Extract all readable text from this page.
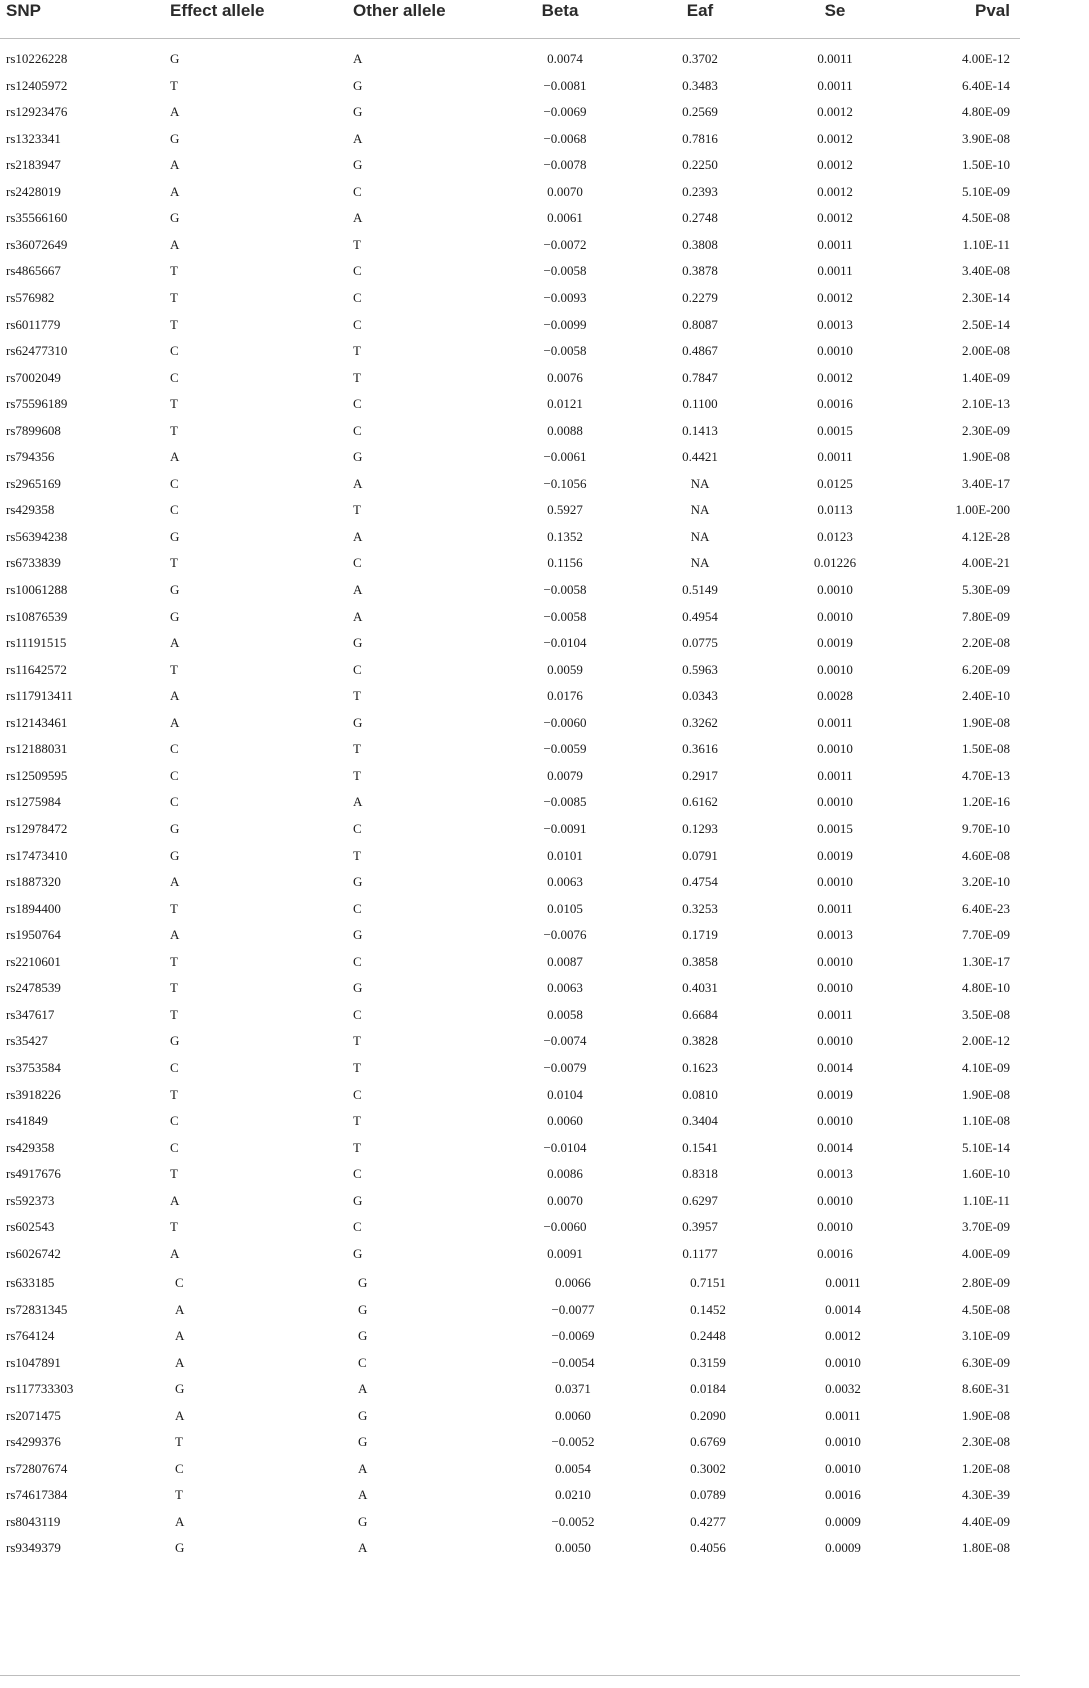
SNP	Effect allele	Other allele	Beta	Eaf	Se	Pval
rs10226228	G	A	0.0074	0.3702	0.0011	4.00E-12
rs12405972	T	G	−0.0081	0.3483	0.0011	6.40E-14
rs12923476	A	G	−0.0069	0.2569	0.0012	4.80E-09
rs1323341	G	A	−0.0068	0.7816	0.0012	3.90E-08
rs2183947	A	G	−0.0078	0.2250	0.0012	1.50E-10
rs2428019	A	C	0.0070	0.2393	0.0012	5.10E-09
rs35566160	G	A	0.0061	0.2748	0.0012	4.50E-08
rs36072649	A	T	−0.0072	0.3808	0.0011	1.10E-11
rs4865667	T	C	−0.0058	0.3878	0.0011	3.40E-08
rs576982	T	C	−0.0093	0.2279	0.0012	2.30E-14
rs6011779	T	C	−0.0099	0.8087	0.0013	2.50E-14
rs62477310	C	T	−0.0058	0.4867	0.0010	2.00E-08
rs7002049	C	T	0.0076	0.7847	0.0012	1.40E-09
rs75596189	T	C	0.0121	0.1100	0.0016	2.10E-13
rs7899608	T	C	0.0088	0.1413	0.0015	2.30E-09
rs794356	A	G	−0.0061	0.4421	0.0011	1.90E-08
rs2965169	C	A	−0.1056	NA	0.0125	3.40E-17
rs429358	C	T	0.5927	NA	0.0113	1.00E-200
rs56394238	G	A	0.1352	NA	0.0123	4.12E-28
rs6733839	T	C	0.1156	NA	0.01226	4.00E-21
rs10061288	G	A	−0.0058	0.5149	0.0010	5.30E-09
rs10876539	G	A	−0.0058	0.4954	0.0010	7.80E-09
rs11191515	A	G	−0.0104	0.0775	0.0019	2.20E-08
rs11642572	T	C	0.0059	0.5963	0.0010	6.20E-09
rs117913411	A	T	0.0176	0.0343	0.0028	2.40E-10
rs12143461	A	G	−0.0060	0.3262	0.0011	1.90E-08
rs12188031	C	T	−0.0059	0.3616	0.0010	1.50E-08
rs12509595	C	T	0.0079	0.2917	0.0011	4.70E-13
rs1275984	C	A	−0.0085	0.6162	0.0010	1.20E-16
rs12978472	G	C	−0.0091	0.1293	0.0015	9.70E-10
rs17473410	G	T	0.0101	0.0791	0.0019	4.60E-08
rs1887320	A	G	0.0063	0.4754	0.0010	3.20E-10
rs1894400	T	C	0.0105	0.3253	0.0011	6.40E-23
rs1950764	A	G	−0.0076	0.1719	0.0013	7.70E-09
rs2210601	T	C	0.0087	0.3858	0.0010	1.30E-17
rs2478539	T	G	0.0063	0.4031	0.0010	4.80E-10
rs347617	T	C	0.0058	0.6684	0.0011	3.50E-08
rs35427	G	T	−0.0074	0.3828	0.0010	2.00E-12
rs3753584	C	T	−0.0079	0.1623	0.0014	4.10E-09
rs3918226	T	C	0.0104	0.0810	0.0019	1.90E-08
rs41849	C	T	0.0060	0.3404	0.0010	1.10E-08
rs429358	C	T	−0.0104	0.1541	0.0014	5.10E-14
rs4917676	T	C	0.0086	0.8318	0.0013	1.60E-10
rs592373	A	G	0.0070	0.6297	0.0010	1.10E-11
rs602543	T	C	−0.0060	0.3957	0.0010	3.70E-09
rs6026742	A	G	0.0091	0.1177	0.0016	4.00E-09
rs633185	C	G	0.0066	0.7151	0.0011	2.80E-09
rs72831345	A	G	−0.0077	0.1452	0.0014	4.50E-08
rs764124	A	G	−0.0069	0.2448	0.0012	3.10E-09
rs1047891	A	C	−0.0054	0.3159	0.0010	6.30E-09
rs117733303	G	A	0.0371	0.0184	0.0032	8.60E-31
rs2071475	A	G	0.0060	0.2090	0.0011	1.90E-08
rs4299376	T	G	−0.0052	0.6769	0.0010	2.30E-08
rs72807674	C	A	0.0054	0.3002	0.0010	1.20E-08
rs74617384	T	A	0.0210	0.0789	0.0016	4.30E-39
rs8043119	A	G	−0.0052	0.4277	0.0009	4.40E-09
rs9349379	G	A	0.0050	0.4056	0.0009	1.80E-08
